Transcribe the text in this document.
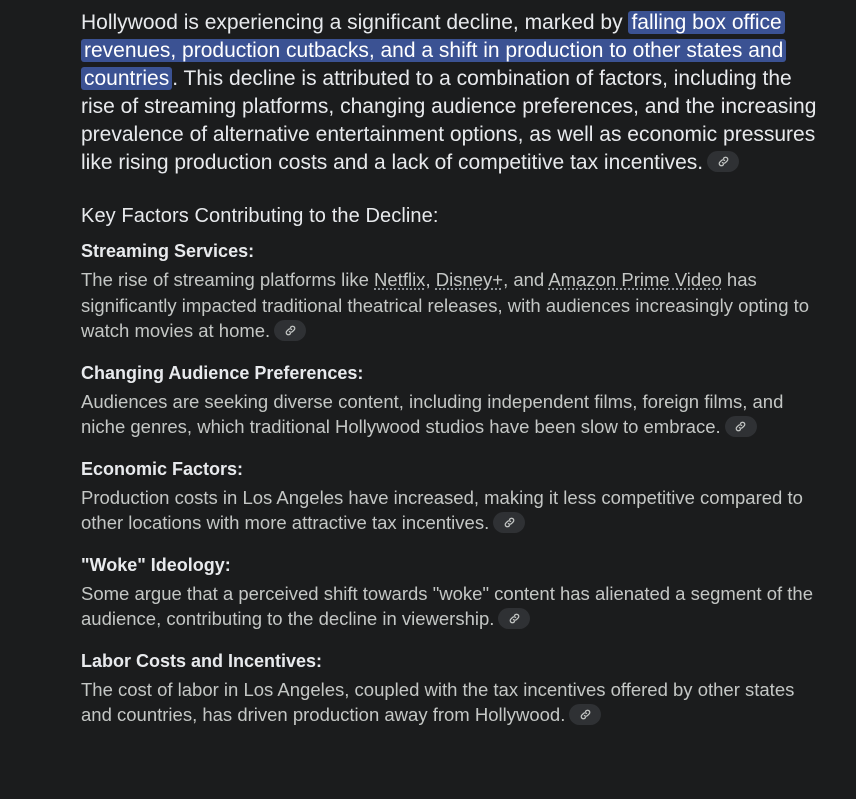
Hollywood is experiencing a significant decline, marked by falling box office revenues, production cutbacks, and a shift in production to other states and countries . This decline is attributed to a combination of factors, including the rise of streaming platforms, changing audience preferences, and the increasing prevalence of alternative entertainment options, as well as economic pressures like rising production costs and a lack of competitive tax incentives.

Key Factors Contributing to the Decline:

Streaming Services:

The rise of streaming platforms like Netflix, Disney+, and Amazon Prime Video has significantly impacted traditional theatrical releases, with audiences increasingly opting to watch movies at home.

Changing Audience Preferences:

Audiences are seeking diverse content, including independent films, foreign films, and niche genres, which traditional Hollywood studios have been slow to embrace.

Economic Factors:

Production costs in Los Angeles have increased, making it less competitive compared to other locations with more attractive tax incentives.

"Woke" Ideology:

Some argue that a perceived shift towards "woke" content has alienated a segment of the audience, contributing to the decline in viewership.

Labor Costs and Incentives:

The cost of labor in Los Angeles, coupled with the tax incentives offered by other states and countries, has driven production away from Hollywood.
